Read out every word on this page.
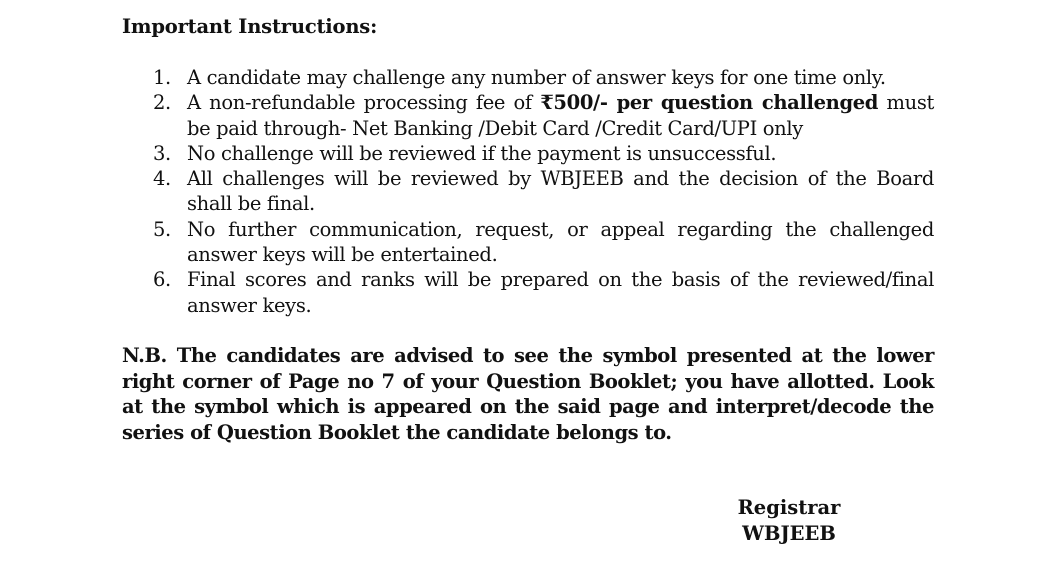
Important Instructions:
1. A candidate may challenge any number of answer keys for one time only.
2. A non-refundable processing fee of ₹500/- per question challenged must be paid through- Net Banking /Debit Card /Credit Card/UPI only
3. No challenge will be reviewed if the payment is unsuccessful.
4. All challenges will be reviewed by WBJEEB and the decision of the Board shall be final.
5. No further communication, request, or appeal regarding the challenged answer keys will be entertained.
6. Final scores and ranks will be prepared on the basis of the reviewed/final answer keys.

N.B. The candidates are advised to see the symbol presented at the lower right corner of Page no 7 of your Question Booklet; you have allotted. Look at the symbol which is appeared on the said page and interpret/decode the series of Question Booklet the candidate belongs to.

Registrar
WBJEEB
